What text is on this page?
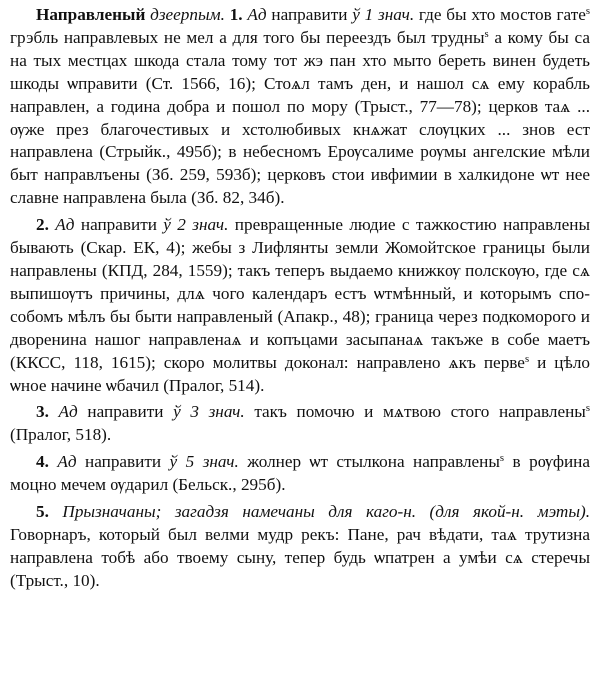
Направленый дзеерпым. 1. Ад направити ў 1 знач. где бы хто мостов гате$^s$ грэбль направлевых не мел а для того бы переездъ был трудны$^s$ а кому бы са на тых местцах шкода стала тому тот жэ пан хто мыто береть винен будеть шкоды ѡправити (Ст. 1566, 16); Стоѧл тамъ ден, и нашол сѧ ему корабль направлен, а година добра и пошол по мору (Трыст., 77—78); церков таѧ ... ѹже през благочестивых и хстолюбивых кнѧжат слѹцких ... знов ест направлена (Стрыйк., 495б); в небесномъ Ерѹсалиме рѹмы ангелские мѣли быт направлъены (Зб. 259, 593б); церковъ стои ивфимии в халкидоне ѡт нее славне направлена была (Зб. 82, 34б).

2. Ад направити ў 2 знач. превращенные людие с тажкостию направлены бывають (Скар. ЕК, 4); жебы з Лифлянты земли Жомойтское границы были направлены (КПД, 284, 1559); такъ теперъ выдаемо книжкѹ полскѹю, где сѧ выпишѹтъ причины, длѧ чого календаръ естъ ѡтмѣнный, и которымъ способомъ мѣлъ бы быти направленый (Апакр., 48); граница через подкоморого и дворенина нашог направленаѧ и копъцами засыпанаѧ такъже в собе маетъ (ККСС, 118, 1615); скоро молитвы доконал: направлено ѧкъ перве$^s$ и цѣло ѡное начине ѡбачил (Пралог, 514).

3. Ад направити ў 3 знач. такъ помочю и мѧтвою стого направлены$^s$ (Пралог, 518).

4. Ад направити ў 5 знач. жолнер ѡт стылкона направлены$^s$ в рѹфина моцно мечем ѹдарил (Бельск., 295б).

5. Прызначаны; загадзя намечаны для каго-н. (для якой-н. мэты). Говорнаръ, который был велми мудр рекъ: Пане, рач вѣдати, таѧ трутизна направлена тобѣ або твоему сыну, тепер будь ѡпатрен а умѣи сѧ стеречы (Трыст., 10).
